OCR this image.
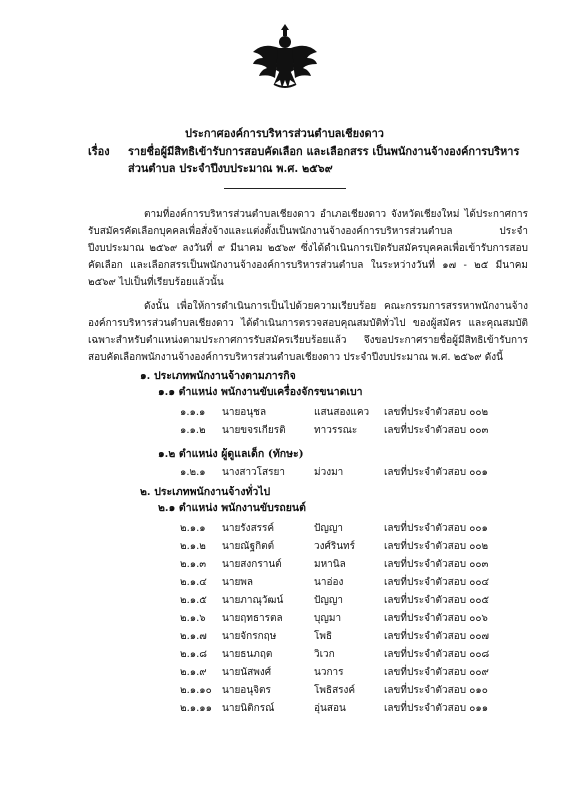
ประกาศองค์การบริหารส่วนตำบลเชียงดาว
เรื่อง รายชื่อผู้มีสิทธิเข้ารับการสอบคัดเลือก และเลือกสรร เป็นพนักงานจ้างองค์การบริหารส่วนตำบล ประจำปีงบประมาณ พ.ศ. ๒๕๖๙
ตามที่องค์การบริหารส่วนตำบลเชียงดาว อำเภอเชียงดาว จังหวัดเชียงใหม่ ได้ประกาศการรับสมัครคัดเลือกบุคคลเพื่อสั่งจ้างและแต่งตั้งเป็นพนักงานจ้างองค์การบริหารส่วนตำบล ประจำปีงบประมาณ ๒๕๖๙ ลงวันที่ ๙ มีนาคม ๒๕๖๙ ซึ่งได้ดำเนินการเปิดรับสมัครบุคคลเพื่อเข้ารับการสอบคัดเลือก และเลือกสรรเป็นพนักงานจ้างองค์การบริหารส่วนตำบล ในระหว่างวันที่ ๑๗ - ๒๕ มีนาคม ๒๕๖๙ ไปเป็นที่เรียบร้อยแล้วนั้น
ดังนั้น เพื่อให้การดำเนินการเป็นไปด้วยความเรียบร้อย คณะกรรมการสรรหาพนักงานจ้างองค์การบริหารส่วนตำบลเชียงดาว ได้ดำเนินการตรวจสอบคุณสมบัติทั่วไป ของผู้สมัคร และคุณสมบัติเฉพาะสำหรับตำแหน่งตามประกาศการรับสมัครเรียบร้อยแล้ว จึงขอประกาศรายชื่อผู้มีสิทธิเข้ารับการสอบคัดเลือกพนักงานจ้างองค์การบริหารส่วนตำบลเชียงดาว ประจำปีงบประมาณ พ.ศ. ๒๕๖๙ ดังนี้
๑. ประเภทพนักงานจ้างตามภารกิจ
๑.๑ ตำแหน่ง พนักงานขับเครื่องจักรขนาดเบา
๑.๑.๑ นายอนุชล	แสนสองแคว เลขที่ประจำตัวสอบ ๐๐๒
๑.๑.๒ นายขจรเกียรติ	ทาวรรณะ	เลขที่ประจำตัวสอบ ๐๐๓
๑.๒ ตำแหน่ง ผู้ดูแลเด็ก (ทักษะ)
๑.๒.๑ นางสาวโสรยา	ม่วงมา	เลขที่ประจำตัวสอบ ๐๐๑
๒. ประเภทพนักงานจ้างทั่วไป
๒.๑ ตำแหน่ง พนักงานขับรถยนต์
๒.๑.๑ นายรังสรรค์	ปัญญา	เลขที่ประจำตัวสอบ ๐๐๑
๒.๑.๒ นายณัฐกิตต์	วงศ์รินทร์	เลขที่ประจำตัวสอบ ๐๐๒
๒.๑.๓ นายสงกรานต์	มหานิล	เลขที่ประจำตัวสอบ ๐๐๓
๒.๑.๔ นายพล	นาอ่อง	เลขที่ประจำตัวสอบ ๐๐๔
๒.๑.๕ นายภาณุวัฒน์	ปัญญา	เลขที่ประจำตัวสอบ ๐๐๕
๒.๑.๖ นายฤทธารตล	บุญมา	เลขที่ประจำตัวสอบ ๐๐๖
๒.๑.๗ นายจักรกฤษ	โพธิ	เลขที่ประจำตัวสอบ ๐๐๗
๒.๑.๘ นายธนภฤต	วิเวก	เลขที่ประจำตัวสอบ ๐๐๘
๒.๑.๙ นายนัสพงศ์	นวการ	เลขที่ประจำตัวสอบ ๐๐๙
๒.๑.๑๐ นายอนุจิตร	โพธิสรงค์	เลขที่ประจำตัวสอบ ๐๑๐
๒.๑.๑๑ นายนิติกรณ์	อุ่นสอน	เลขที่ประจำตัวสอบ ๐๑๑
